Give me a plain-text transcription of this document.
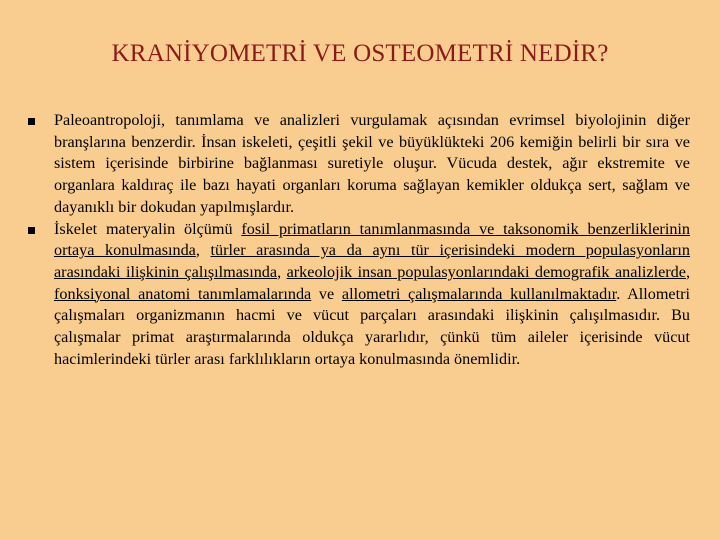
KRANİYOMETRİ VE OSTEOMETRİ NEDİR?
Paleoantropoloji, tanımlama ve analizleri vurgulamak açısından evrimsel biyolojinin diğer branşlarına benzerdir. İnsan iskeleti, çeşitli şekil ve büyüklükteki 206 kemiğin belirli bir sıra ve sistem içerisinde birbirine bağlanması suretiyle oluşur. Vücuda destek, ağır ekstremite ve organlara kaldıraç ile bazı hayati organları koruma sağlayan kemikler oldukça sert, sağlam ve dayanıklı bir dokudan yapılmışlardır.
İskelet materyalin ölçümü fosil primatların tanımlanmasında ve taksonomik benzerliklerinin ortaya konulmasında, türler arasında ya da aynı tür içerisindeki modern populasyonların arasındaki ilişkinin çalışılmasında, arkeolojik insan populasyonlarındaki demografik analizlerde, fonksiyonal anatomi tanımlamalarında ve allometri çalışmalarında kullanılmaktadır. Allometri çalışmaları organizmanın hacmi ve vücut parçaları arasındaki ilişkinin çalışılmasıdır. Bu çalışmalar primat araştırmalarında oldukça yararlıdır, çünkü tüm aileler içerisinde vücut hacimlerindeki türler arası farklılıkların ortaya konulmasında önemlidir.
